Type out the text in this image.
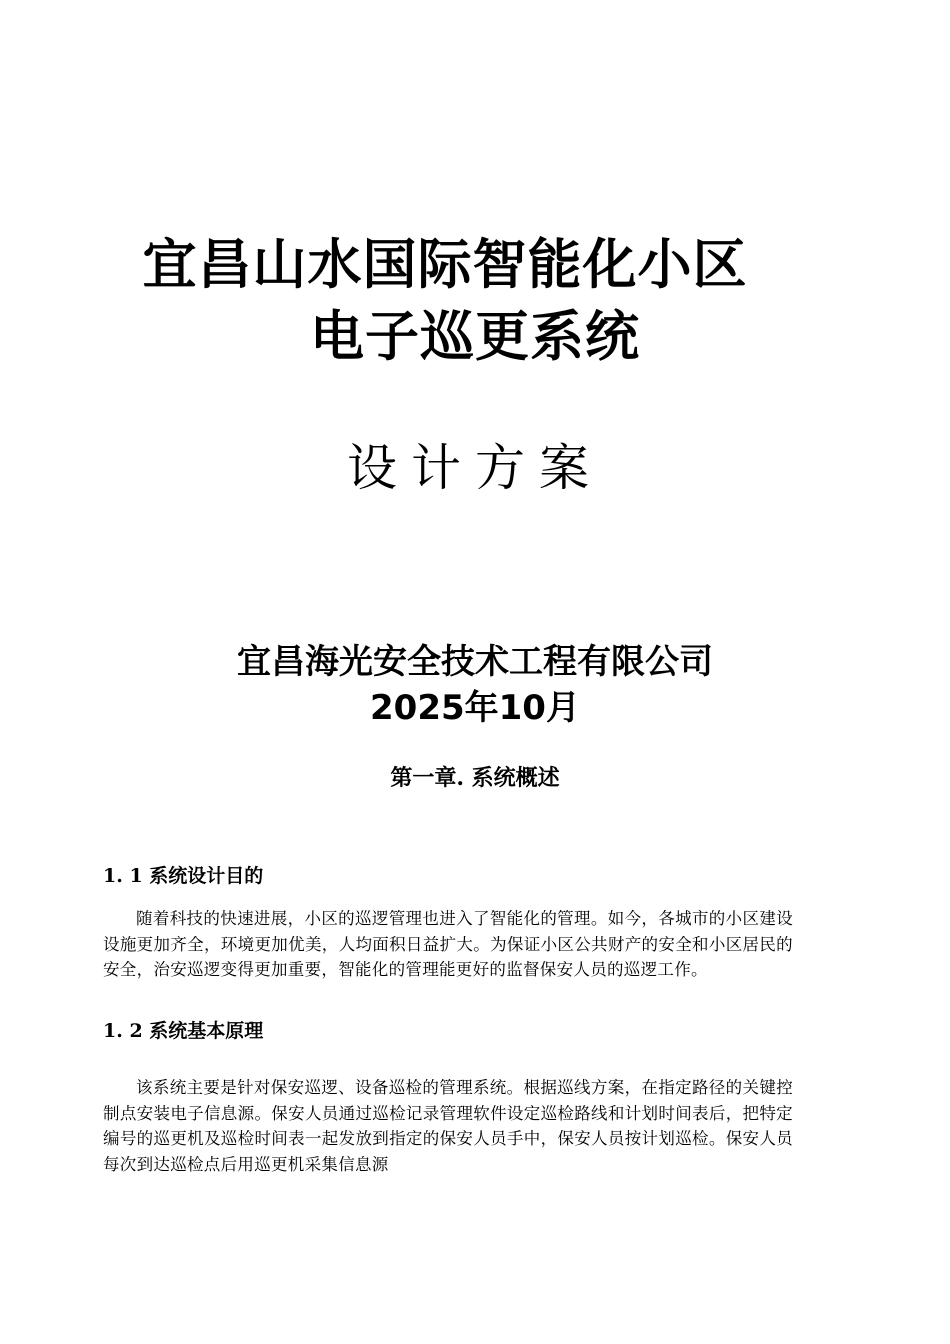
宜昌山水国际智能化小区
电子巡更系统
设计方案
宜昌海光安全技术工程有限公司
2025年10月
第一章. 系统概述
1. 1 系统设计目的
随着科技的快速进展，小区的巡逻管理也进入了智能化的管理。如今，各城市的小区建设设施更加齐全，环境更加优美，人均面积日益扩大。为保证小区公共财产的安全和小区居民的安全，治安巡逻变得更加重要，智能化的管理能更好的监督保安人员的巡逻工作。
1. 2 系统基本原理
该系统主要是针对保安巡逻、设备巡检的管理系统。根据巡线方案，在指定路径的关键控制点安装电子信息源。保安人员通过巡检记录管理软件设定巡检路线和计划时间表后，把特定编号的巡更机及巡检时间表一起发放到指定的保安人员手中，保安人员按计划巡检。保安人员每次到达巡检点后用巡更机采集信息源
